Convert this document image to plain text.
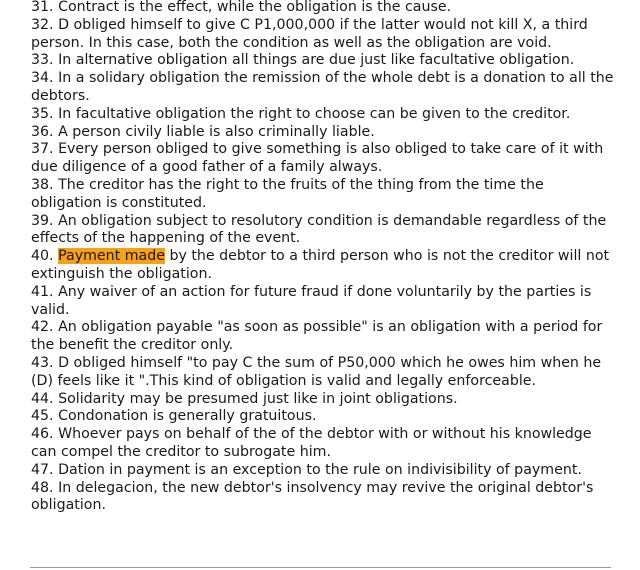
31. Contract is the effect, while the obligation is the cause.
32. D obliged himself to give C P1,000,000 if the latter would not kill X, a third person. In this case, both the condition as well as the obligation are void.
33. In alternative obligation all things are due just like facultative obligation.
34. In a solidary obligation the remission of the whole debt is a donation to all the debtors.
35. In facultative obligation the right to choose can be given to the creditor.
36. A person civily liable is also criminally liable.
37. Every person obliged to give something is also obliged to take care of it with due diligence of a good father of a family always.
38. The creditor has the right to the fruits of the thing from the time the obligation is constituted.
39. An obligation subject to resolutory condition is demandable regardless of the effects of the happening of the event.
40. Payment made by the debtor to a third person who is not the creditor will not extinguish the obligation.
41. Any waiver of an action for future fraud if done voluntarily by the parties is valid.
42. An obligation payable "as soon as possible" is an obligation with a period for the benefit the creditor only.
43. D obliged himself "to pay C the sum of P50,000 which he owes him when he (D) feels like it ".This kind of obligation is valid and legally enforceable.
44. Solidarity may be presumed just like in joint obligations.
45. Condonation is generally gratuitous.
46. Whoever pays on behalf of the of the debtor with or without his knowledge can compel the creditor to subrogate him.
47. Dation in payment is an exception to the rule on indivisibility of payment.
48. In delegacion, the new debtor's insolvency may revive the original debtor's obligation.
